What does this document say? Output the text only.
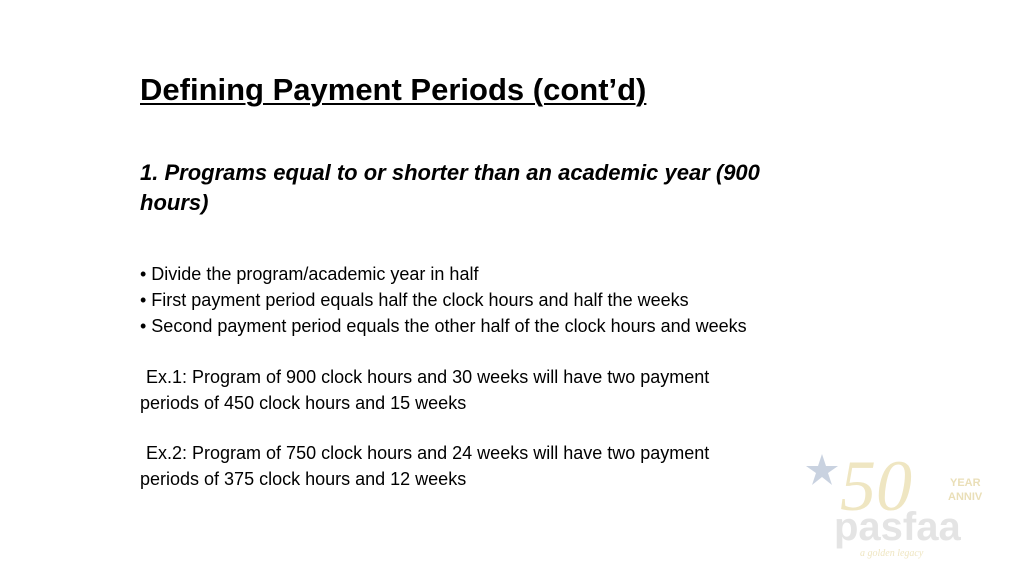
Defining Payment Periods (cont’d)
1. Programs equal to or shorter than an academic year (900
hours)
• Divide the program/academic year in half
• First payment period equals half the clock hours and half the weeks
• Second payment period equals the other half of the clock hours and weeks
Ex.1: Program of 900 clock hours and 30 weeks will have two payment
periods of 450 clock hours and 15 weeks
Ex.2: Program of 750 clock hours and 24 weeks will have two payment
periods of 375 clock hours and 12 weeks	50	YEAR
ANNIV
pasfaa
a golden legacy
